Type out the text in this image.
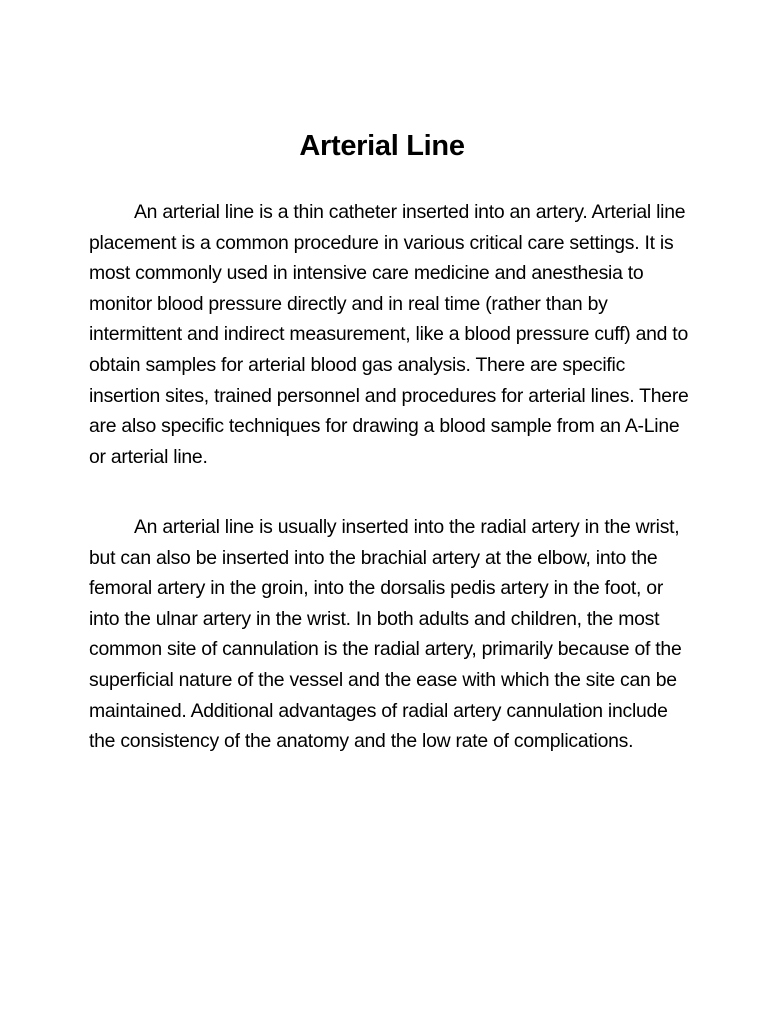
Arterial Line

An arterial line is a thin catheter inserted into an artery. Arterial line placement is a common procedure in various critical care settings. It is most commonly used in intensive care medicine and anesthesia to monitor blood pressure directly and in real time (rather than by intermittent and indirect measurement, like a blood pressure cuff) and to obtain samples for arterial blood gas analysis. There are specific insertion sites, trained personnel and procedures for arterial lines. There are also specific techniques for drawing a blood sample from an A-Line or arterial line.

An arterial line is usually inserted into the radial artery in the wrist, but can also be inserted into the brachial artery at the elbow, into the femoral artery in the groin, into the dorsalis pedis artery in the foot, or into the ulnar artery in the wrist. In both adults and children, the most common site of cannulation is the radial artery, primarily because of the superficial nature of the vessel and the ease with which the site can be maintained. Additional advantages of radial artery cannulation include the consistency of the anatomy and the low rate of complications.
